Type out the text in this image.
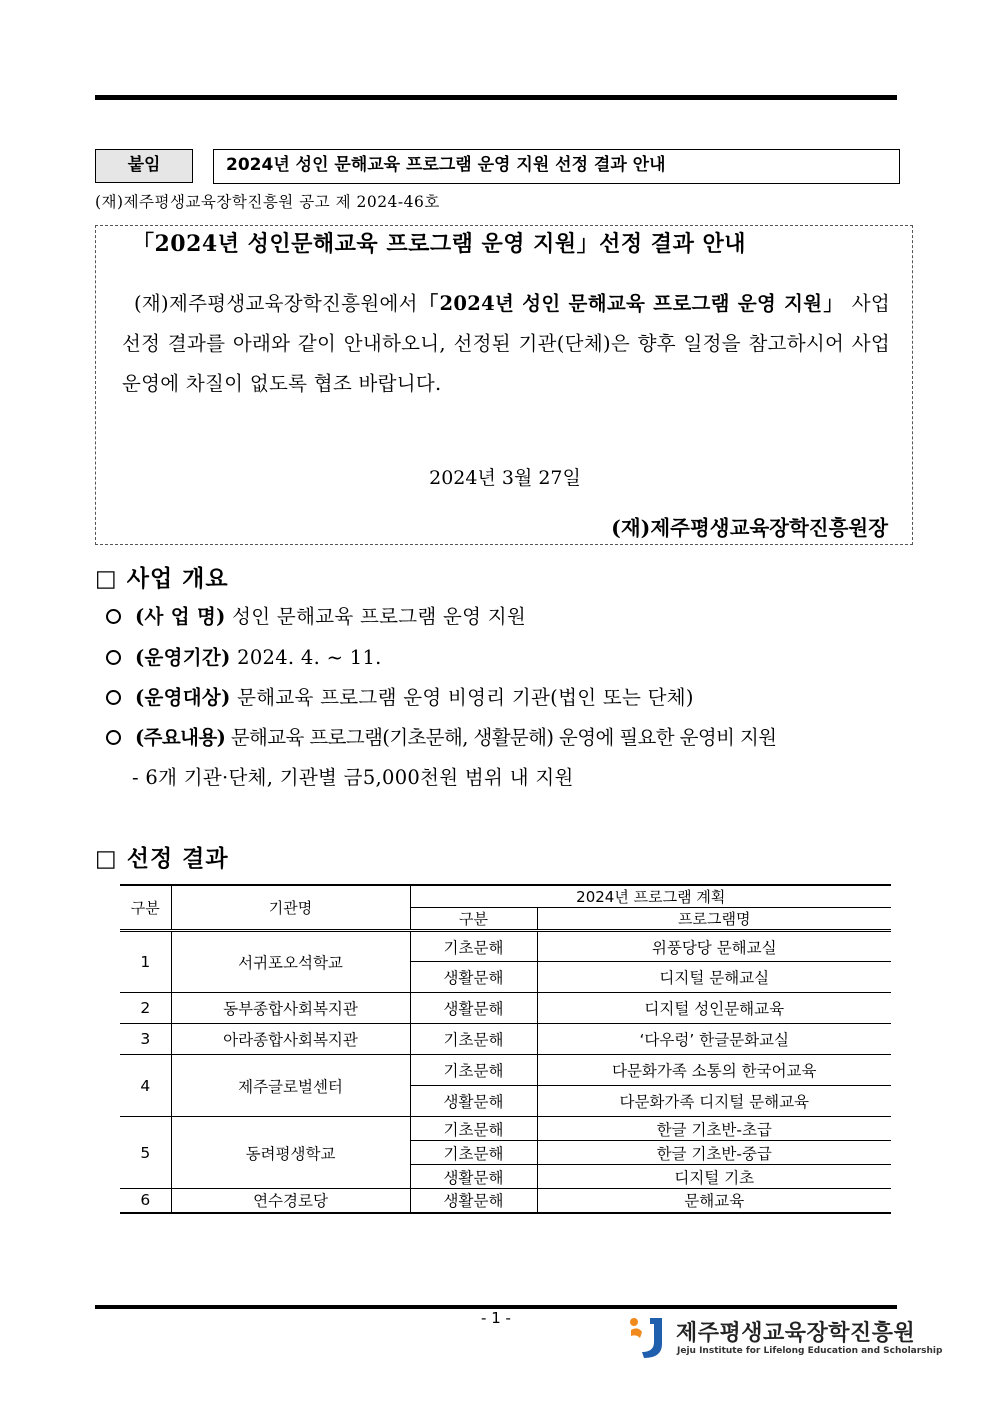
붙임	2024년 성인 문해교육 프로그램 운영 지원 선정 결과 안내
(재)제주평생교육장학진흥원 공고 제 2024-46호
「2024년 성인문해교육 프로그램 운영 지원」선정 결과 안내
(재)제주평생교육장학진흥원에서「2024년 성인 문해교육 프로그램 운영 지원」 사업 선정 결과를 아래와 같이 안내하오니, 선정된 기관(단체)은 향후 일정을 참고하시어 사업 운영에 차질이 없도록 협조 바랍니다.
2024년 3월 27일
(재)제주평생교육장학진흥원장
□ 사업 개요
(사 업 명) 성인 문해교육 프로그램 운영 지원
(운영기간) 2024. 4. ~ 11.
(운영대상) 문해교육 프로그램 운영 비영리 기관(법인 또는 단체)
(주요내용) 문해교육 프로그램(기초문해, 생활문해) 운영에 필요한 운영비 지원
- 6개 기관·단체, 기관별 금5,000천원 범위 내 지원
□ 선정 결과
구분	기관명	2024년 프로그램 계획	
		구분	프로그램명
1	서귀포오석학교	기초문해	위풍당당 문해교실
		생활문해	디지털 문해교실
2	동부종합사회복지관	생활문해	디지털 성인문해교육
3	아라종합사회복지관	기초문해	‘다우렁’ 한글문화교실
4	제주글로벌센터	기초문해	다문화가족 소통의 한국어교육
		생활문해	다문화가족 디지털 문해교육
5	동려평생학교	기초문해	한글 기초반-초급
		기초문해	한글 기초반-중급
		생활문해	디지털 기초
6	연수경로당	생활문해	문해교육
- 1 -
제주평생교육장학진흥원
Jeju Institute for Lifelong Education and Scholarship
